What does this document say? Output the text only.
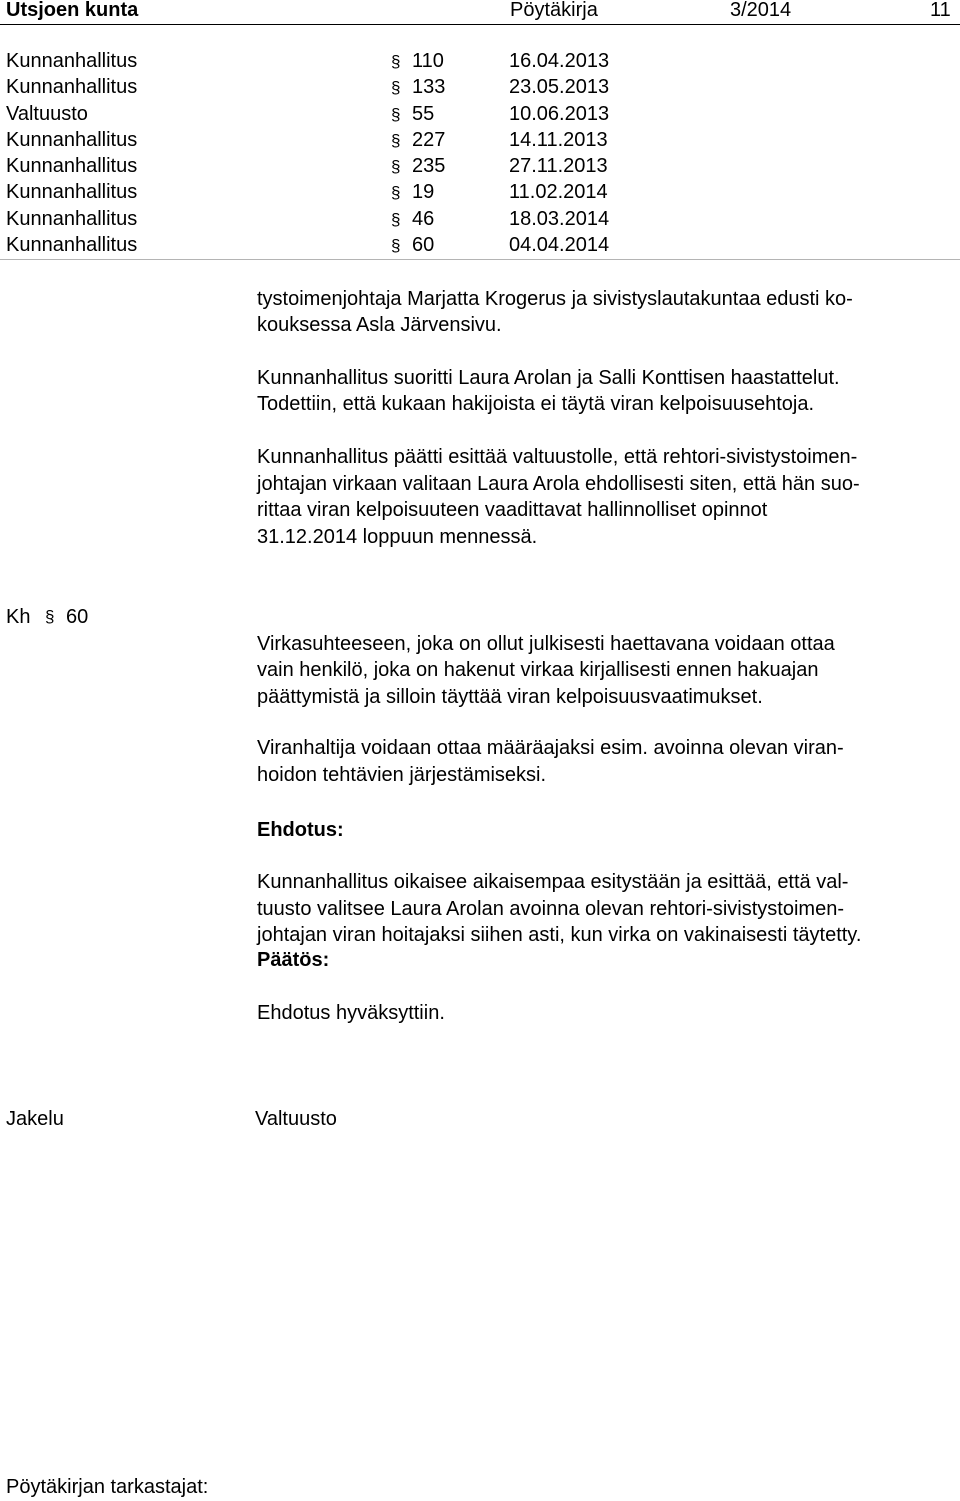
Utsjoen kunta	Pöytäkirja	3/2014	11
Kunnanhallitus	§ 110	16.04.2013
Kunnanhallitus	§ 133	23.05.2013
Valtuusto	§ 55	10.06.2013
Kunnanhallitus	§ 227	14.11.2013
Kunnanhallitus	§ 235	27.11.2013
Kunnanhallitus	§ 19	11.02.2014
Kunnanhallitus	§ 46	18.03.2014
Kunnanhallitus	§ 60	04.04.2014
tystoimenjohtaja Marjatta Krogerus ja sivistyslautakuntaa edusti ko-
kouksessa Asla Järvensivu.
Kunnanhallitus suoritti Laura Arolan ja Salli Konttisen haastattelut.
Todettiin, että kukaan hakijoista ei täytä viran kelpoisuusehtoja.
Kunnanhallitus päätti esittää valtuustolle, että rehtori-sivistystoimen-
johtajan virkaan valitaan Laura Arola ehdollisesti siten, että hän suo-
rittaa viran kelpoisuuteen vaadittavat hallinnolliset opinnot
31.12.2014 loppuun mennessä.
Kh § 60
Virkasuhteeseen, joka on ollut julkisesti haettavana voidaan ottaa
vain henkilö, joka on hakenut virkaa kirjallisesti ennen hakuajan
päättymistä ja silloin täyttää viran kelpoisuusvaatimukset.
Viranhaltija voidaan ottaa määräajaksi esim. avoinna olevan viran-
hoidon tehtävien järjestämiseksi.
Ehdotus:
Kunnanhallitus oikaisee aikaisempaa esitystään ja esittää, että val-
tuusto valitsee Laura Arolan avoinna olevan rehtori-sivistystoimen-
johtajan viran hoitajaksi siihen asti, kun virka on vakinaisesti täytetty.
Päätös:
Ehdotus hyväksyttiin.
Jakelu	Valtuusto
Pöytäkirjan tarkastajat:
